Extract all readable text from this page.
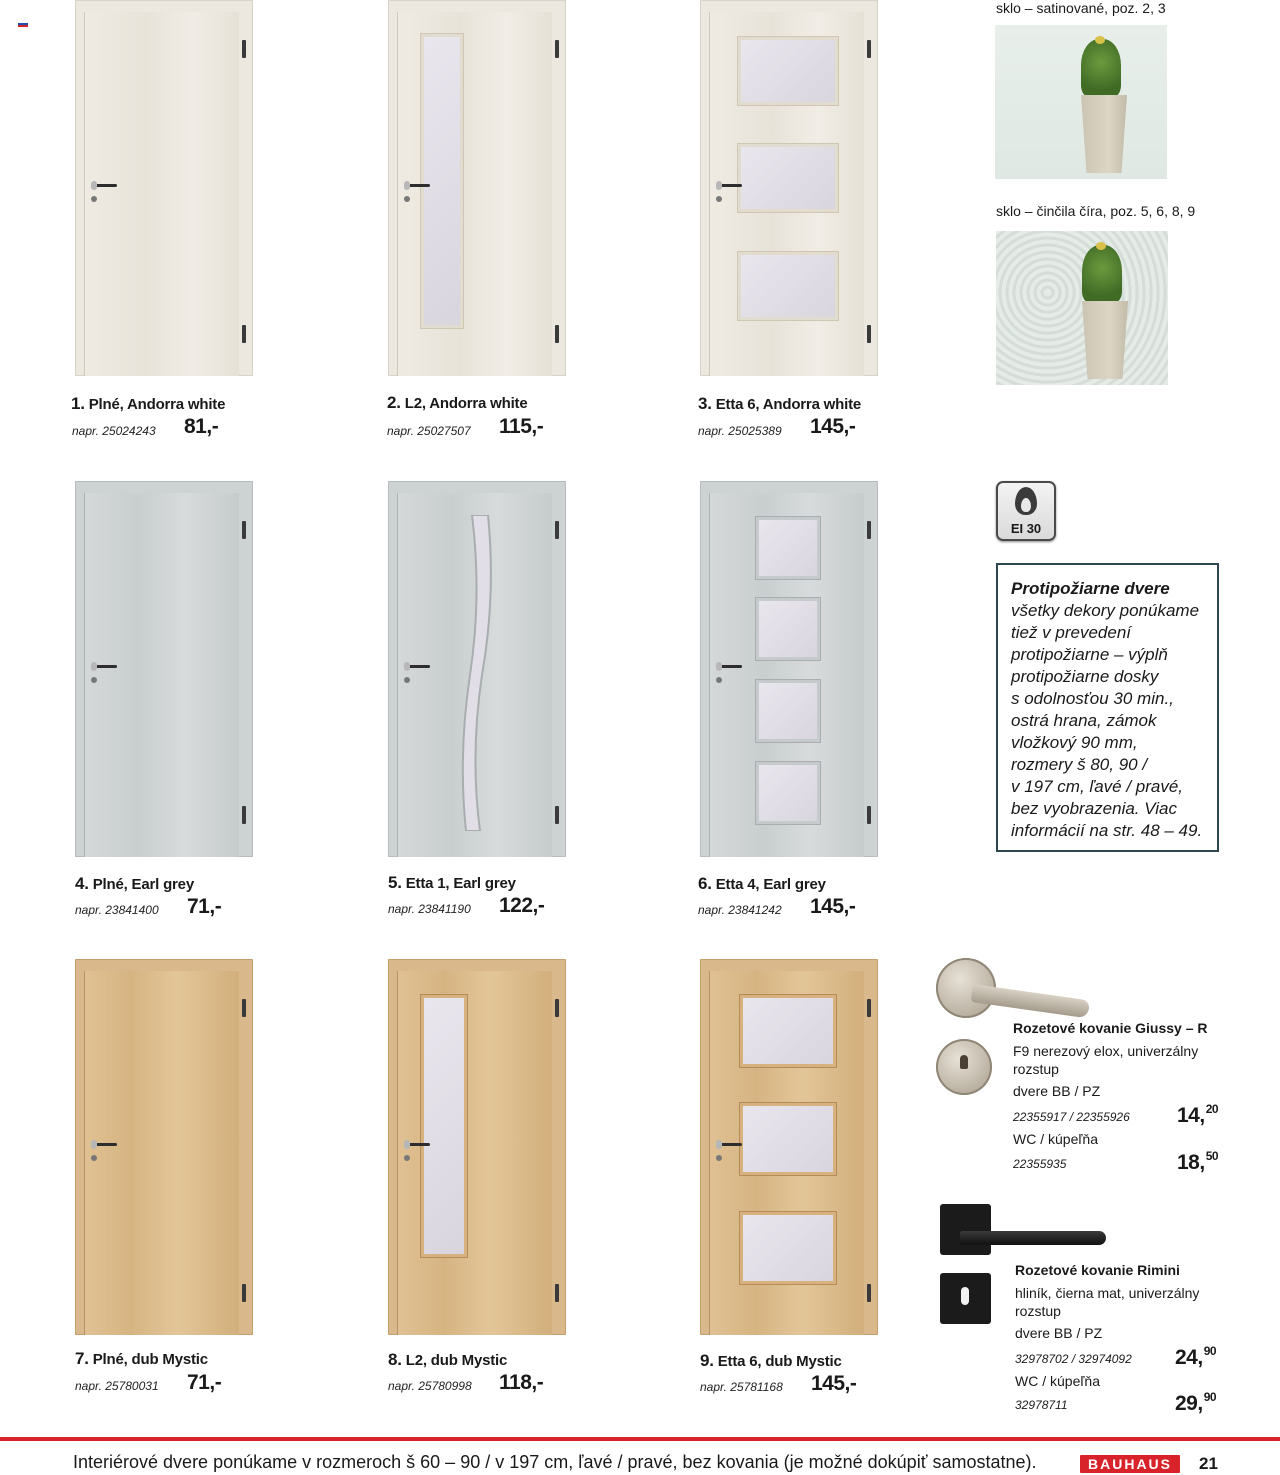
1. Plné, Andorra white
napr. 25024243 81,-
2. L2, Andorra white
napr. 25027507 115,-
3. Etta 6, Andorra white
napr. 25025389 145,-
sklo – satinované, poz. 2, 3
sklo – činčila číra, poz. 5, 6, 8, 9
4. Plné, Earl grey
napr. 23841400 71,-
5. Etta 1, Earl grey
napr. 23841190 122,-
6. Etta 4, Earl grey
napr. 23841242 145,-
EI 30
Protipožiarne dvere
všetky dekory ponúkame
tiež v prevedení
protipožiarne – výplň
protipožiarne dosky
s odolnosťou 30 min.,
ostrá hrana, zámok
vložkový 90 mm,
rozmery š 80, 90 /
v 197 cm, ľavé / pravé,
bez vyobrazenia. Viac
informácií na str. 48 – 49.
7. Plné, dub Mystic
napr. 25780031 71,-
8. L2, dub Mystic
napr. 25780998 118,-
9. Etta 6, dub Mystic
napr. 25781168 145,-
Rozetové kovanie Giussy – R
F9 nerezový elox, univerzálny rozstup
dvere BB / PZ
22355917 / 22355926 14,20
WC / kúpeľňa
22355935	18,50
Rozetové kovanie Rimini
hliník, čierna mat, univerzálny rozstup
dvere BB / PZ
32978702 / 32974092 24,90
WC / kúpeľňa
32978711	29,90
Interiérové dvere ponúkame v rozmeroch š 60 – 90 / v 197 cm, ľavé / pravé, bez kovania (je možné dokúpiť samostatne).	BAUHAUS	21
